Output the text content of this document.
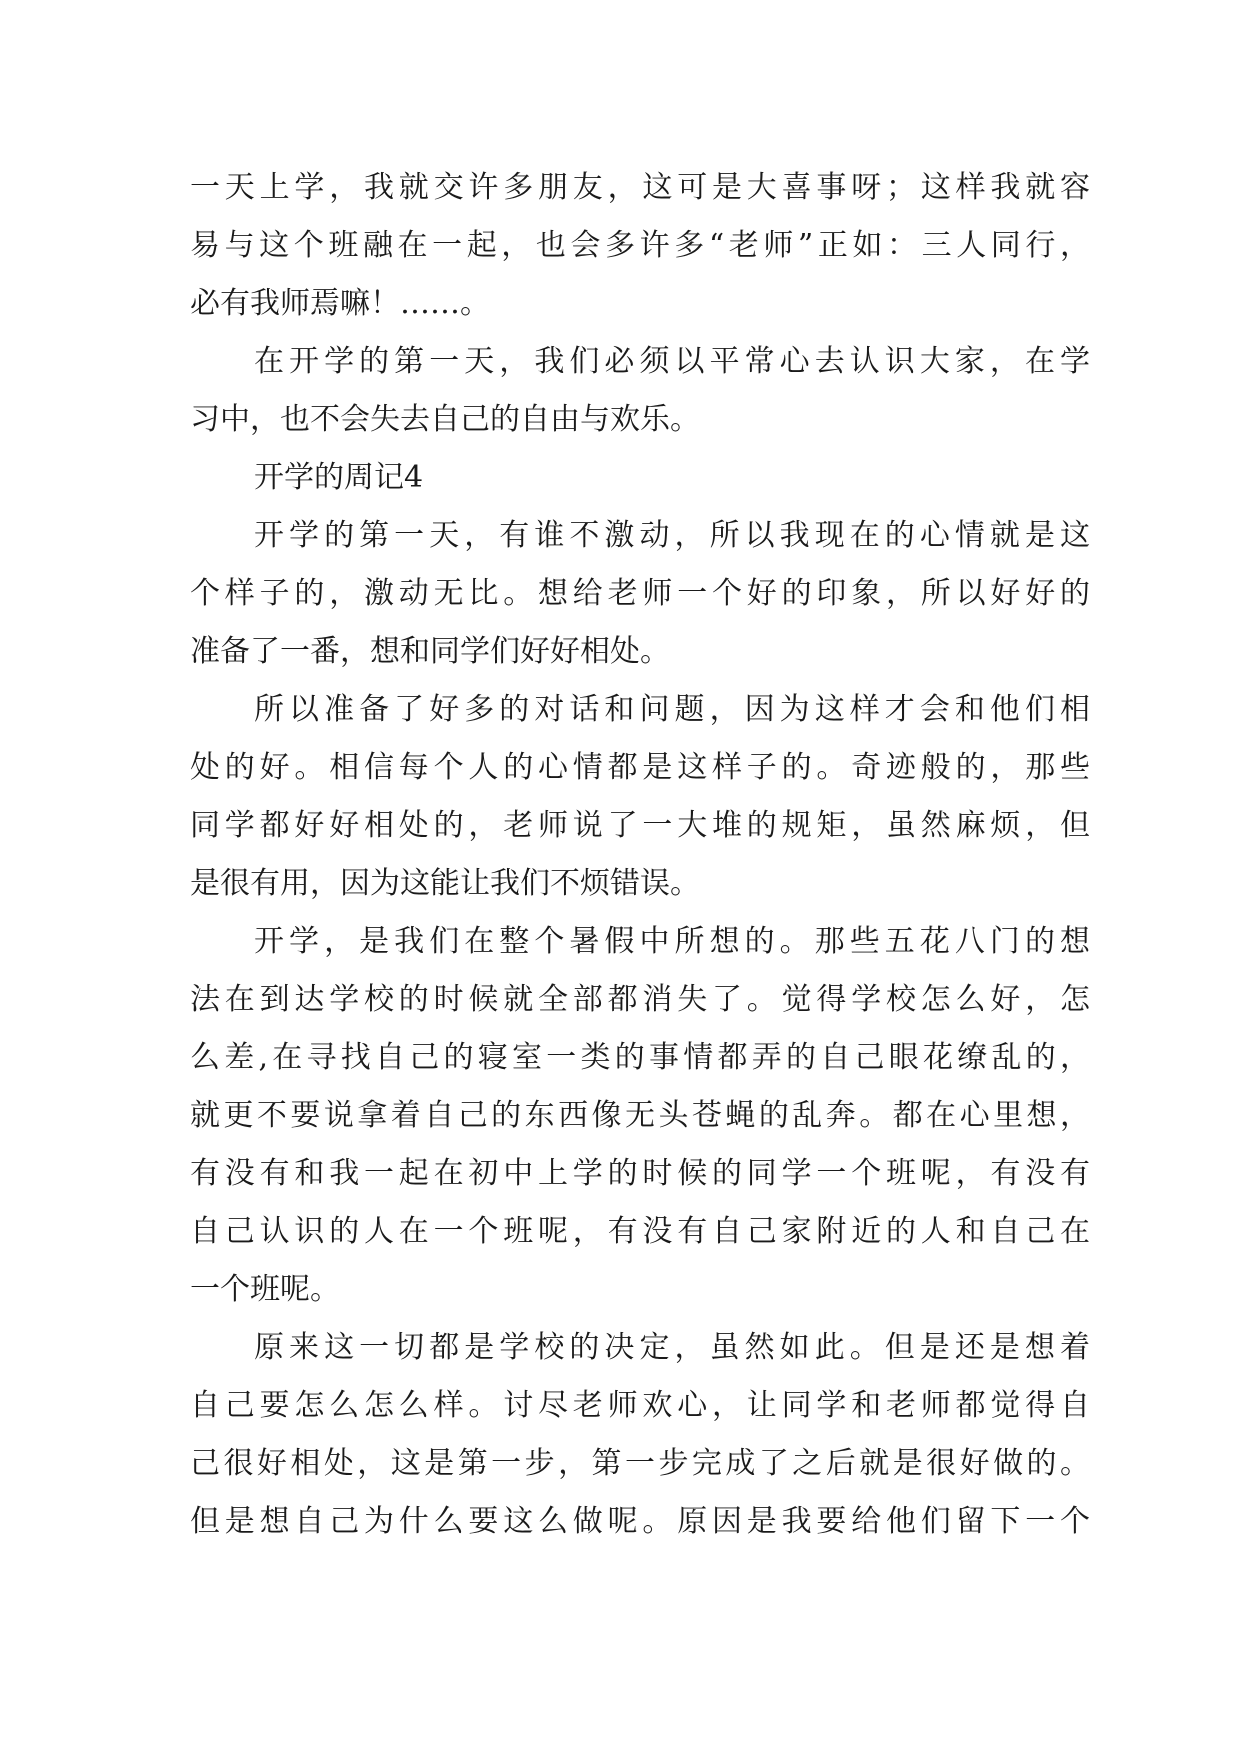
一天上学，我就交许多朋友，这可是大喜事呀；这样我就容
易与这个班融在一起，也会多许多“老师”正如：三人同行，
必有我师焉嘛！……。
在开学的第一天，我们必须以平常心去认识大家，在学
习中，也不会失去自己的自由与欢乐。
开学的周记4
开学的第一天，有谁不激动，所以我现在的心情就是这
个样子的，激动无比。想给老师一个好的印象，所以好好的
准备了一番，想和同学们好好相处。
所以准备了好多的对话和问题，因为这样才会和他们相
处的好。相信每个人的心情都是这样子的。奇迹般的，那些
同学都好好相处的，老师说了一大堆的规矩，虽然麻烦，但
是很有用，因为这能让我们不烦错误。
开学，是我们在整个暑假中所想的。那些五花八门的想
法在到达学校的时候就全部都消失了。觉得学校怎么好，怎
么差,在寻找自己的寝室一类的事情都弄的自己眼花缭乱的，
就更不要说拿着自己的东西像无头苍蝇的乱奔。都在心里想，
有没有和我一起在初中上学的时候的同学一个班呢，有没有
自己认识的人在一个班呢，有没有自己家附近的人和自己在
一个班呢。
原来这一切都是学校的决定，虽然如此。但是还是想着
自己要怎么怎么样。讨尽老师欢心，让同学和老师都觉得自
己很好相处，这是第一步，第一步完成了之后就是很好做的。
但是想自己为什么要这么做呢。原因是我要给他们留下一个
